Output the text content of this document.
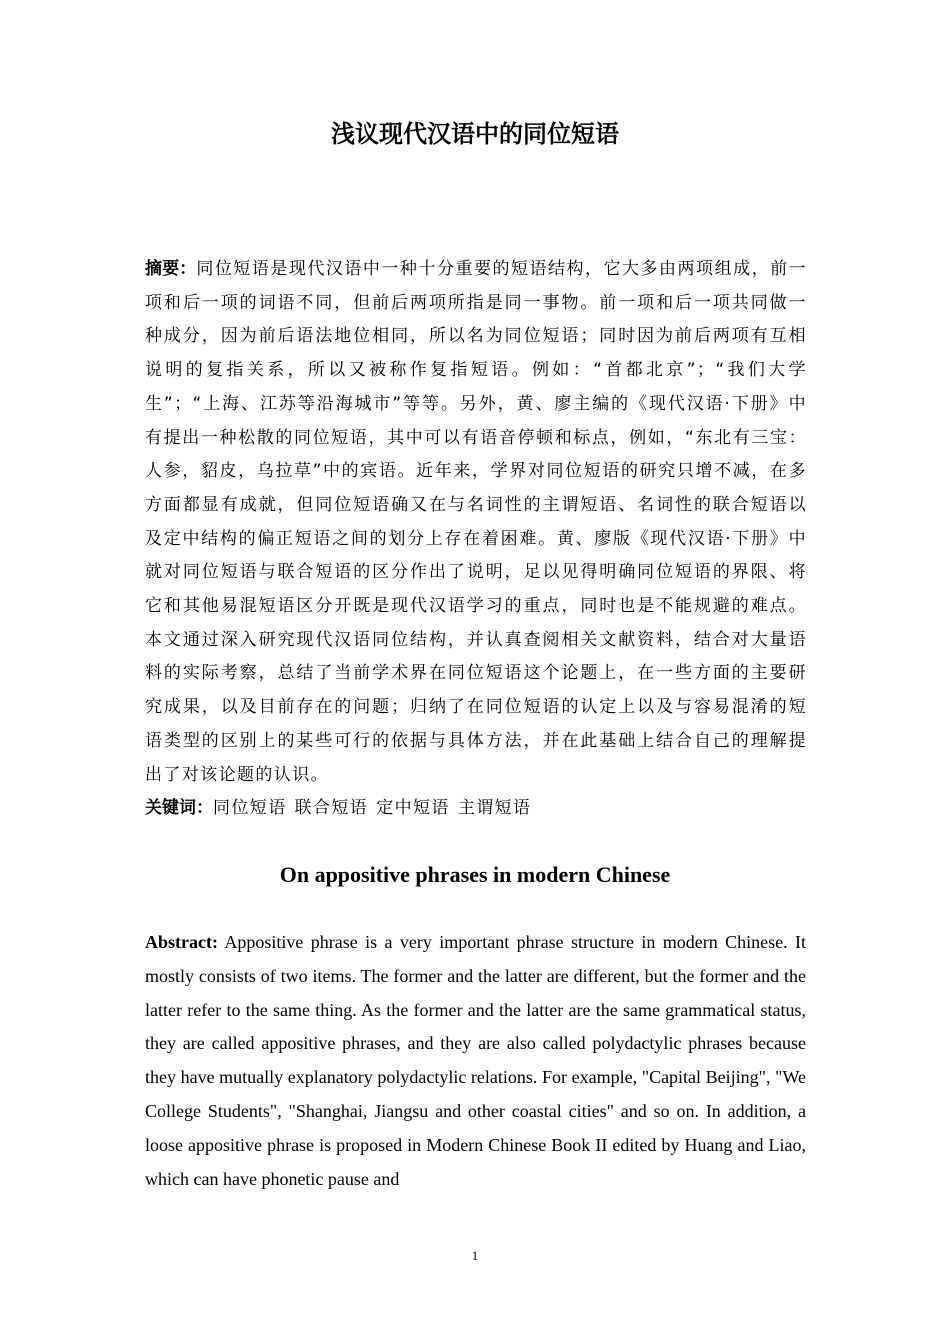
浅议现代汉语中的同位短语
摘要：同位短语是现代汉语中一种十分重要的短语结构，它大多由两项组成，前一项和后一项的词语不同，但前后两项所指是同一事物。前一项和后一项共同做一种成分，因为前后语法地位相同，所以名为同位短语；同时因为前后两项有互相说明的复指关系，所以又被称作复指短语。例如：“首都北京”；“我们大学生”；“上海、江苏等沿海城市”等等。另外，黄、廖主编的《现代汉语·下册》中有提出一种松散的同位短语，其中可以有语音停顿和标点，例如，“东北有三宝：人参，貂皮，乌拉草”中的宾语。近年来，学界对同位短语的研究只增不减，在多方面都显有成就，但同位短语确又在与名词性的主谓短语、名词性的联合短语以及定中结构的偏正短语之间的划分上存在着困难。黄、廖版《现代汉语·下册》中就对同位短语与联合短语的区分作出了说明，足以见得明确同位短语的界限、将它和其他易混短语区分开既是现代汉语学习的重点，同时也是不能规避的难点。本文通过深入研究现代汉语同位结构，并认真查阅相关文献资料，结合对大量语料的实际考察，总结了当前学术界在同位短语这个论题上，在一些方面的主要研究成果，以及目前存在的问题；归纳了在同位短语的认定上以及与容易混淆的短语类型的区别上的某些可行的依据与具体方法，并在此基础上结合自己的理解提出了对该论题的认识。
关键词：同位短语 联合短语 定中短语 主谓短语
On appositive phrases in modern Chinese
Abstract: Appositive phrase is a very important phrase structure in modern Chinese. It mostly consists of two items. The former and the latter are different, but the former and the latter refer to the same thing. As the former and the latter are the same grammatical status, they are called appositive phrases, and they are also called polydactylic phrases because they have mutually explanatory polydactylic relations. For example, "Capital Beijing", "We College Students", "Shanghai, Jiangsu and other coastal cities" and so on. In addition, a loose appositive phrase is proposed in Modern Chinese Book II edited by Huang and Liao, which can have phonetic pause and
1
